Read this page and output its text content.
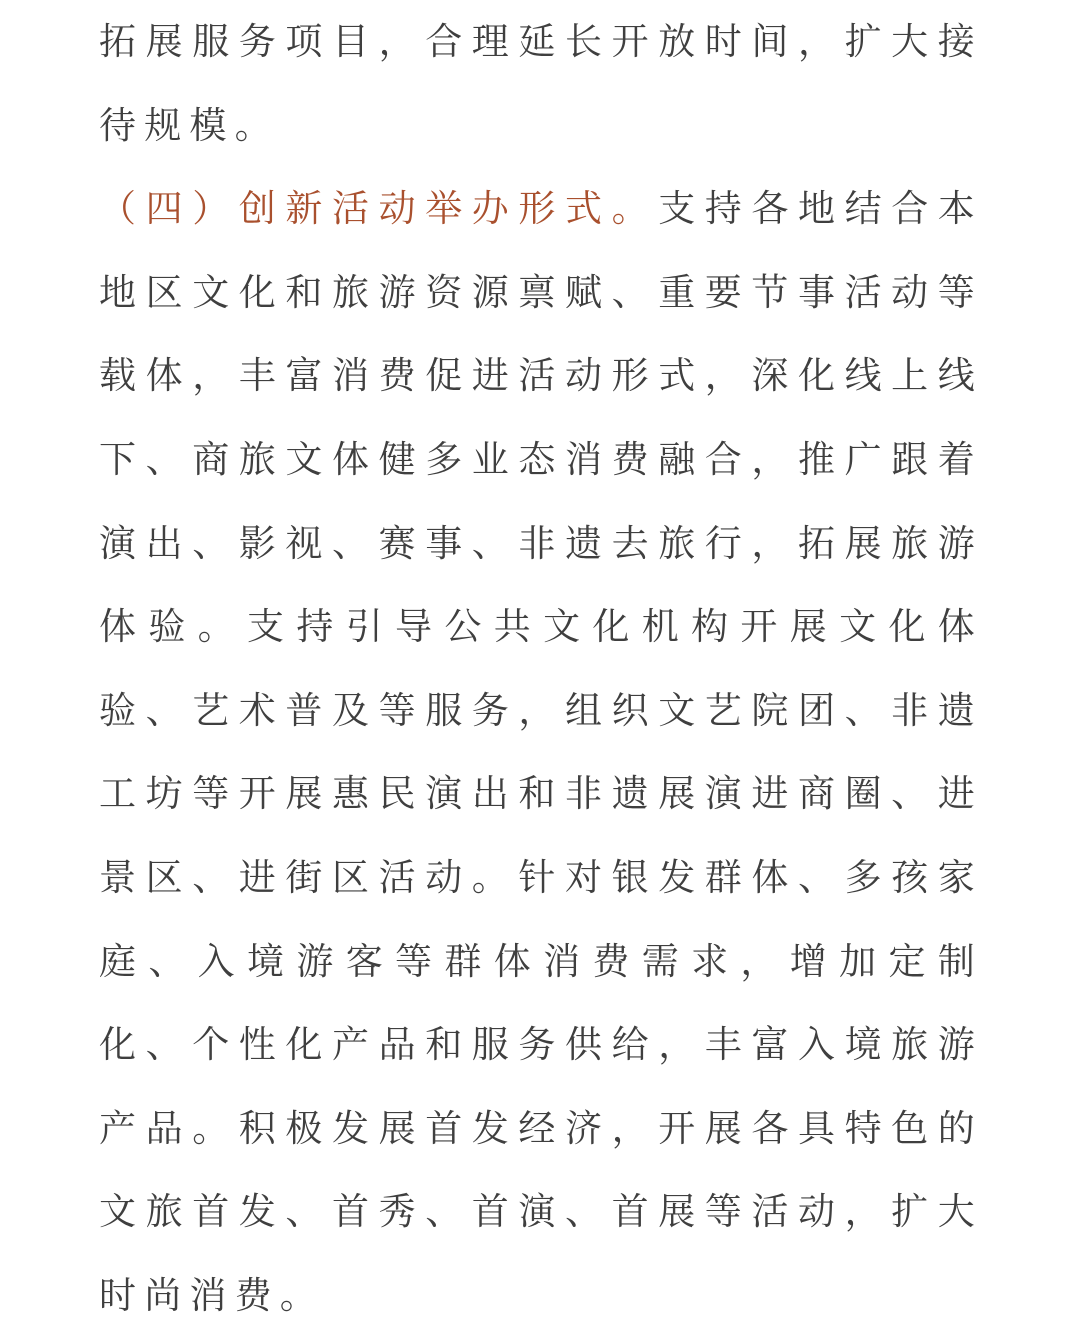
拓展服务项目，合理延长开放时间，扩大接待规模。

（四）创新活动举办形式。支持各地结合本地区文化和旅游资源禀赋、重要节事活动等载体，丰富消费促进活动形式，深化线上线下、商旅文体健多业态消费融合，推广跟着演出、影视、赛事、非遗去旅行，拓展旅游体验。支持引导公共文化机构开展文化体验、艺术普及等服务，组织文艺院团、非遗工坊等开展惠民演出和非遗展演进商圈、进景区、进街区活动。针对银发群体、多孩家庭、入境游客等群体消费需求，增加定制化、个性化产品和服务供给，丰富入境旅游产品。积极发展首发经济，开展各具特色的文旅首发、首秀、首演、首展等活动，扩大时尚消费。
